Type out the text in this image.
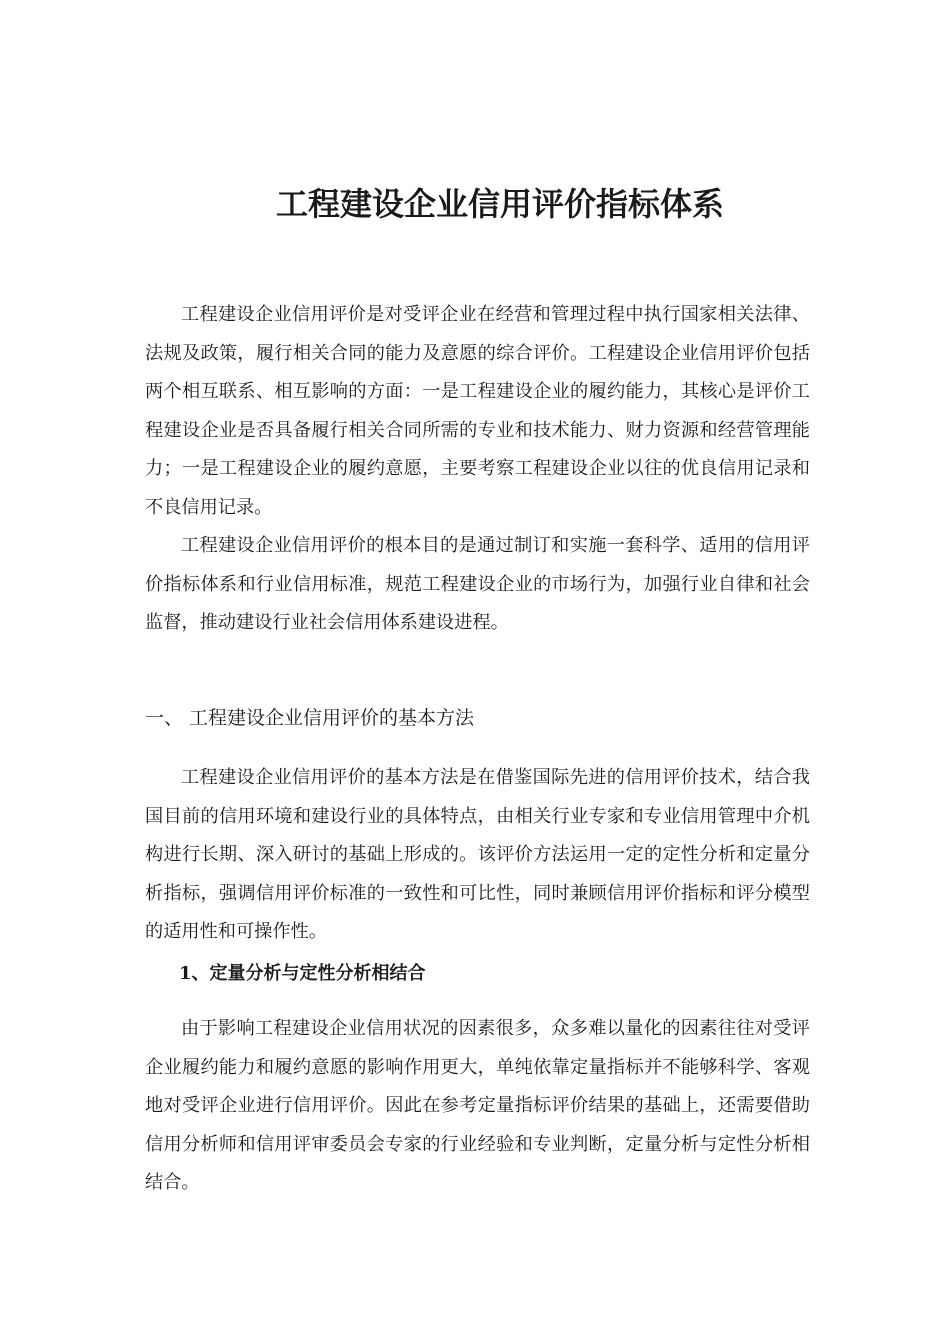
工程建设企业信用评价指标体系

工程建设企业信用评价是对受评企业在经营和管理过程中执行国家相关法律、法规及政策，履行相关合同的能力及意愿的综合评价。工程建设企业信用评价包括两个相互联系、相互影响的方面：一是工程建设企业的履约能力，其核心是评价工程建设企业是否具备履行相关合同所需的专业和技术能力、财力资源和经营管理能力；一是工程建设企业的履约意愿，主要考察工程建设企业以往的优良信用记录和不良信用记录。

工程建设企业信用评价的根本目的是通过制订和实施一套科学、适用的信用评价指标体系和行业信用标准，规范工程建设企业的市场行为，加强行业自律和社会监督，推动建设行业社会信用体系建设进程。

一、 工程建设企业信用评价的基本方法

工程建设企业信用评价的基本方法是在借鉴国际先进的信用评价技术，结合我国目前的信用环境和建设行业的具体特点，由相关行业专家和专业信用管理中介机构进行长期、深入研讨的基础上形成的。该评价方法运用一定的定性分析和定量分析指标，强调信用评价标准的一致性和可比性，同时兼顾信用评价指标和评分模型的适用性和可操作性。

1、定量分析与定性分析相结合

由于影响工程建设企业信用状况的因素很多，众多难以量化的因素往往对受评企业履约能力和履约意愿的影响作用更大，单纯依靠定量指标并不能够科学、客观地对受评企业进行信用评价。因此在参考定量指标评价结果的基础上，还需要借助信用分析师和信用评审委员会专家的行业经验和专业判断，定量分析与定性分析相结合。
